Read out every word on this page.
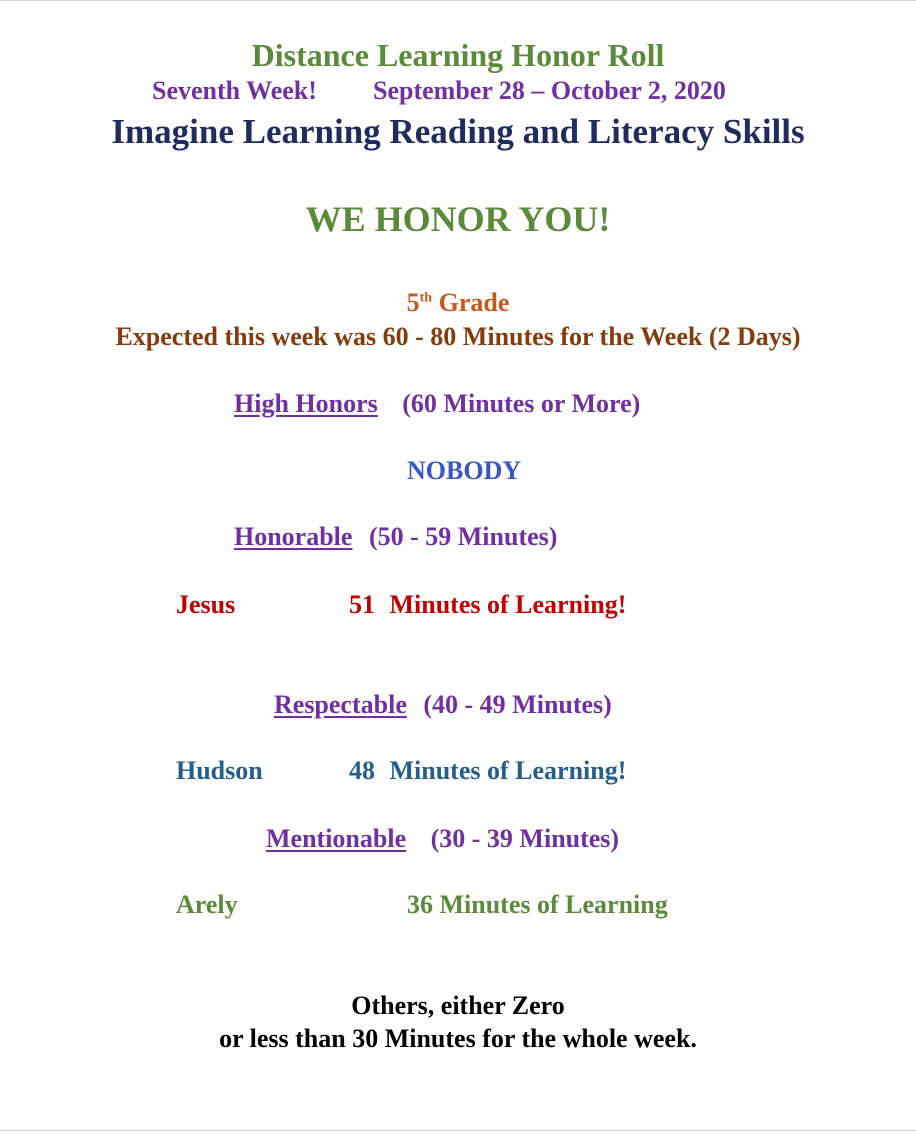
Distance Learning Honor Roll
Seventh Week! September 28 – October 2, 2020
Imagine Learning Reading and Literacy Skills
WE HONOR YOU!
5th Grade
Expected this week was 60 - 80 Minutes for the Week (2 Days)
High Honors (60 Minutes or More)
NOBODY
Honorable (50 - 59 Minutes)
Jesus	51 Minutes of Learning!
Respectable (40 - 49 Minutes)
Hudson	48 Minutes of Learning!
Mentionable (30 - 39 Minutes)
Arely	36 Minutes of Learning
Others, either Zero
or less than 30 Minutes for the whole week.
